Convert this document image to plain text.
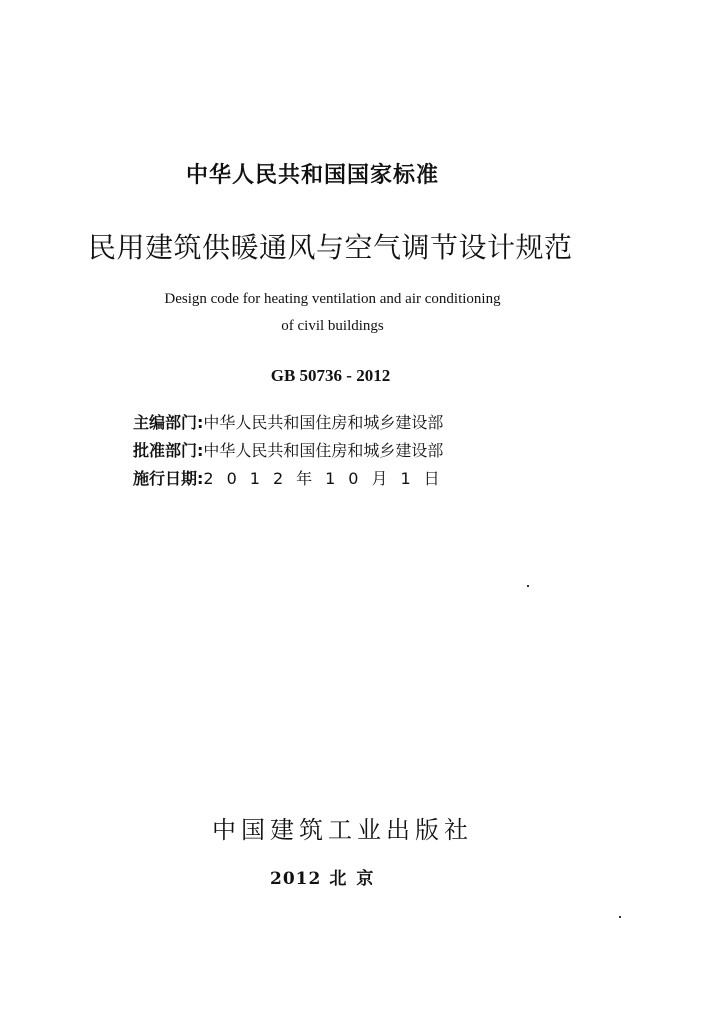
中华人民共和国国家标准
民用建筑供暖通风与空气调节设计规范
Design code for heating ventilation and air conditioning
of civil buildings
GB 50736 - 2012
主编部门:中华人民共和国住房和城乡建设部
批准部门:中华人民共和国住房和城乡建设部
施行日期:2012年10月1日
中国建筑工业出版社
2012 北京
